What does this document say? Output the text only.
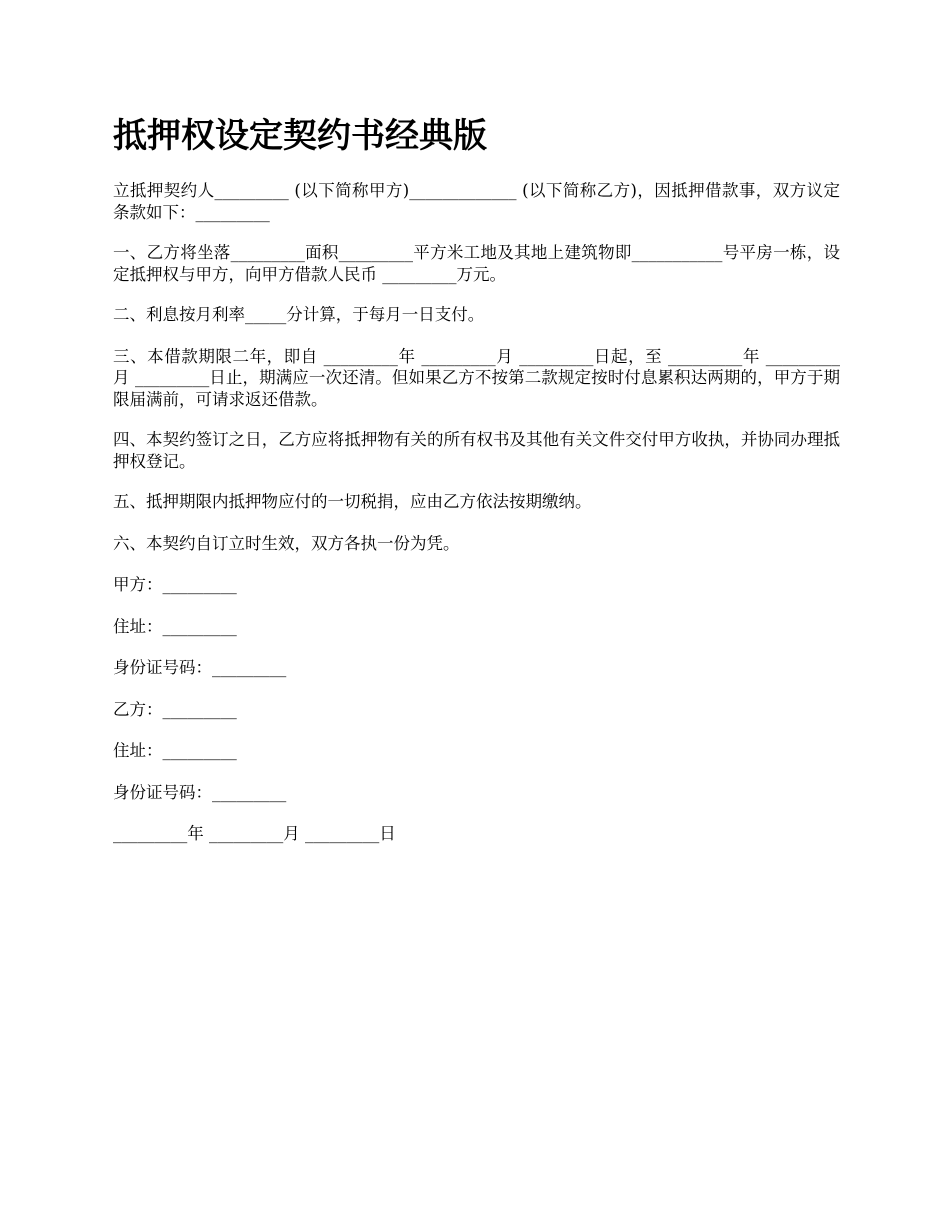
抵押权设定契约书经典版

立抵押契约人_________ (以下简称甲方)_____________ (以下简称乙方)，因抵押借款事，双方议定条款如下：_________

一、乙方将坐落_________面积_________平方米工地及其地上建筑物即___________号平房一栋，设定抵押权与甲方，向甲方借款人民币 _________万元。

二、利息按月利率_____分计算，于每月一日支付。

三、本借款期限二年，即自 _________年 _________月 _________日起，至 _________年 _________月 _________日止，期满应一次还清。但如果乙方不按第二款规定按时付息累积达两期的，甲方于期限届满前，可请求返还借款。

四、本契约签订之日，乙方应将抵押物有关的所有权书及其他有关文件交付甲方收执，并协同办理抵押权登记。

五、抵押期限内抵押物应付的一切税捐，应由乙方依法按期缴纳。

六、本契约自订立时生效，双方各执一份为凭。

甲方：_________

住址：_________

身份证号码：_________

乙方：_________

住址：_________

身份证号码：_________

_________年 _________月 _________日
